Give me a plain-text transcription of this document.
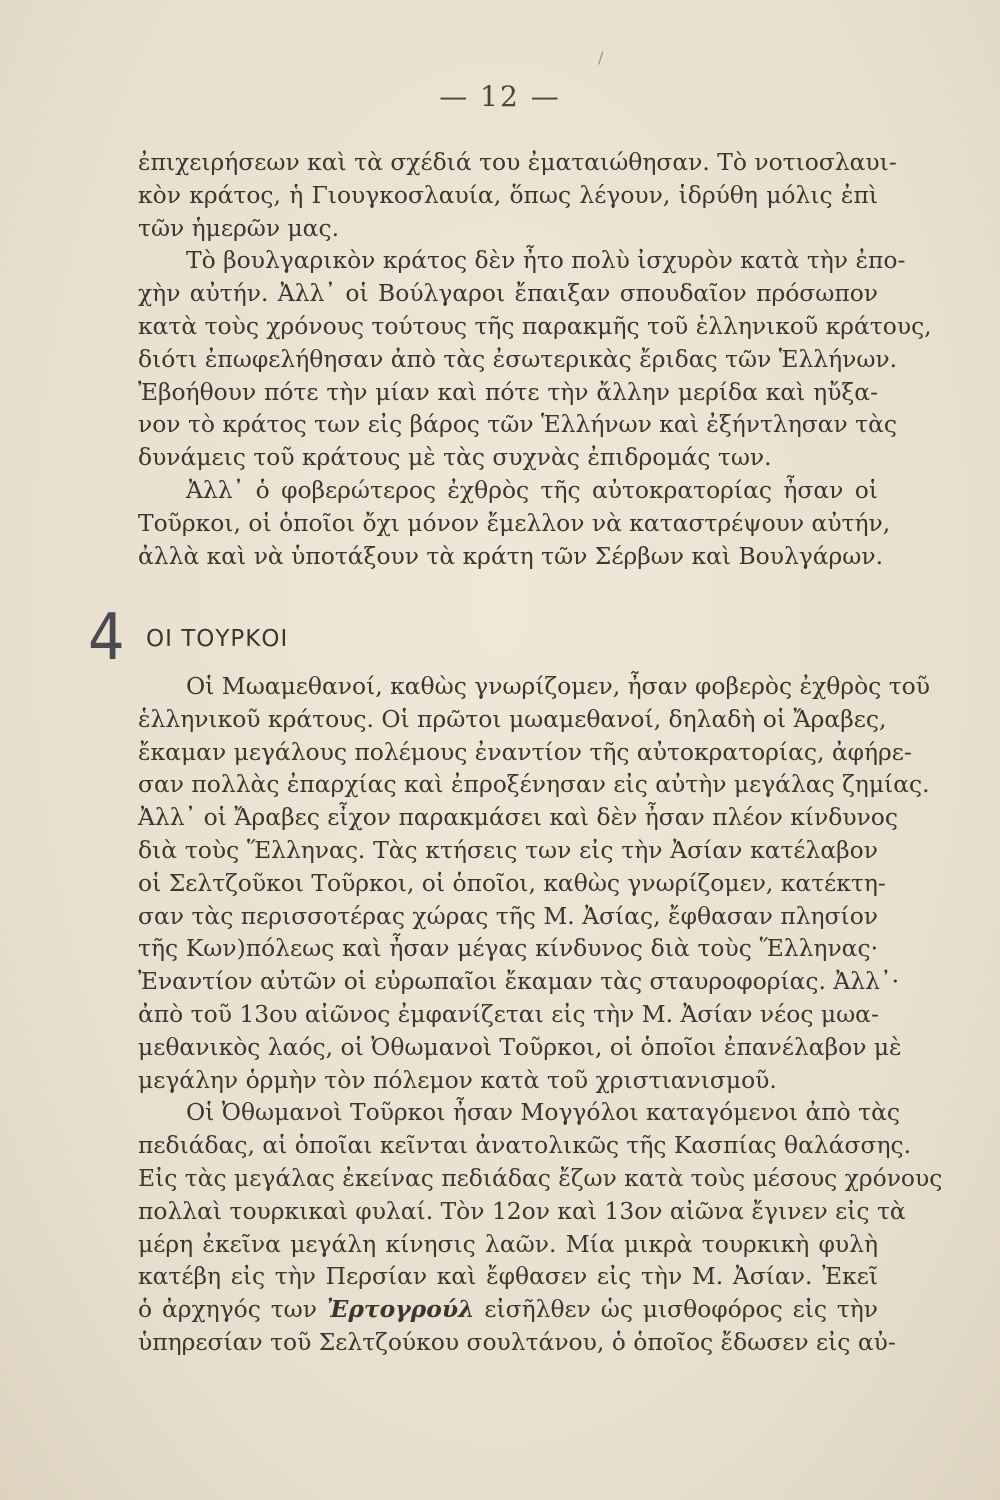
/
— 12 —
ἐπιχειρήσεων καὶ τὰ σχέδιά του ἐματαιώθησαν. Τὸ νοτιοσλαυι-
κὸν κράτος, ἡ Γιουγκοσλαυία, ὅπως λέγουν, ἱδρύθη μόλις ἐπὶ
τῶν ἡμερῶν μας.
Τὸ βουλγαρικὸν κράτος δὲν ἦτο πολὺ ἰσχυρὸν κατὰ τὴν ἐπο-
χὴν αὐτήν. Ἀλλ᾿ οἱ Βούλγαροι ἔπαιξαν σπουδαῖον πρόσωπον
κατὰ τοὺς χρόνους τούτους τῆς παρακμῆς τοῦ ἑλληνικοῦ κράτους,
διότι ἐπωφελήθησαν ἀπὸ τὰς ἐσωτερικὰς ἔριδας τῶν Ἑλλήνων.
Ἐβοήθουν πότε τὴν μίαν καὶ πότε τὴν ἄλλην μερίδα καὶ ηὔξα-
νον τὸ κράτος των εἰς βάρος τῶν Ἑλλήνων καὶ ἐξήντλησαν τὰς
δυνάμεις τοῦ κράτους μὲ τὰς συχνὰς ἐπιδρομάς των.
Ἀλλ᾿ ὁ φοβερώτερος ἐχθρὸς τῆς αὐτοκρατορίας ἦσαν οἱ
Τοῦρκοι, οἱ ὁποῖοι ὄχι μόνον ἔμελλον νὰ καταστρέψουν αὐτήν,
ἀλλὰ καὶ νὰ ὑποτάξουν τὰ κράτη τῶν Σέρβων καὶ Βουλγάρων.
4 ΟΙ ΤΟΥΡΚΟΙ
Οἱ Μωαμεθανοί, καθὼς γνωρίζομεν, ἦσαν φοβερὸς ἐχθρὸς τοῦ
ἑλληνικοῦ κράτους. Οἱ πρῶτοι μωαμεθανοί, δηλαδὴ οἱ Ἄραβες,
ἔκαμαν μεγάλους πολέμους ἐναντίον τῆς αὐτοκρατορίας, ἀφήρε-
σαν πολλὰς ἐπαρχίας καὶ ἐπροξένησαν εἰς αὐτὴν μεγάλας ζημίας.
Ἀλλ᾿ οἱ Ἄραβες εἶχον παρακμάσει καὶ δὲν ἦσαν πλέον κίνδυνος
διὰ τοὺς Ἕλληνας. Τὰς κτήσεις των εἰς τὴν Ἀσίαν κατέλαβον
οἱ Σελτζοῦκοι Τοῦρκοι, οἱ ὁποῖοι, καθὼς γνωρίζομεν, κατέκτη-
σαν τὰς περισσοτέρας χώρας τῆς Μ. Ἀσίας, ἔφθασαν πλησίον
τῆς Κων)πόλεως καὶ ἦσαν μέγας κίνδυνος διὰ τοὺς Ἕλληνας·
Ἐναντίον αὐτῶν οἱ εὐρωπαῖοι ἔκαμαν τὰς σταυροφορίας. Ἀλλ᾿·
ἀπὸ τοῦ 13ου αἰῶνος ἐμφανίζεται εἰς τὴν Μ. Ἀσίαν νέος μωα-
μεθανικὸς λαός, οἱ Ὀθωμανοὶ Τοῦρκοι, οἱ ὁποῖοι ἐπανέλαβον μὲ
μεγάλην ὁρμὴν τὸν πόλεμον κατὰ τοῦ χριστιανισμοῦ.
Οἱ Ὀθωμανοὶ Τοῦρκοι ἦσαν Μογγόλοι καταγόμενοι ἀπὸ τὰς
πεδιάδας, αἱ ὁποῖαι κεῖνται ἀνατολικῶς τῆς Κασπίας θαλάσσης.
Εἰς τὰς μεγάλας ἐκείνας πεδιάδας ἔζων κατὰ τοὺς μέσους χρόνους
πολλαὶ τουρκικαὶ φυλαί. Τὸν 12ον καὶ 13ον αἰῶνα ἔγινεν εἰς τὰ
μέρη ἐκεῖνα μεγάλη κίνησις λαῶν. Μία μικρὰ τουρκικὴ φυλὴ
κατέβη εἰς τὴν Περσίαν καὶ ἔφθασεν εἰς τὴν Μ. Ἀσίαν. Ἐκεῖ
ὁ ἀρχηγός των Ἐρτογρούλ εἰσῆλθεν ὡς μισθοφόρος εἰς τὴν
ὑπηρεσίαν τοῦ Σελτζούκου σουλτάνου, ὁ ὁποῖος ἔδωσεν εἰς αὐ-
